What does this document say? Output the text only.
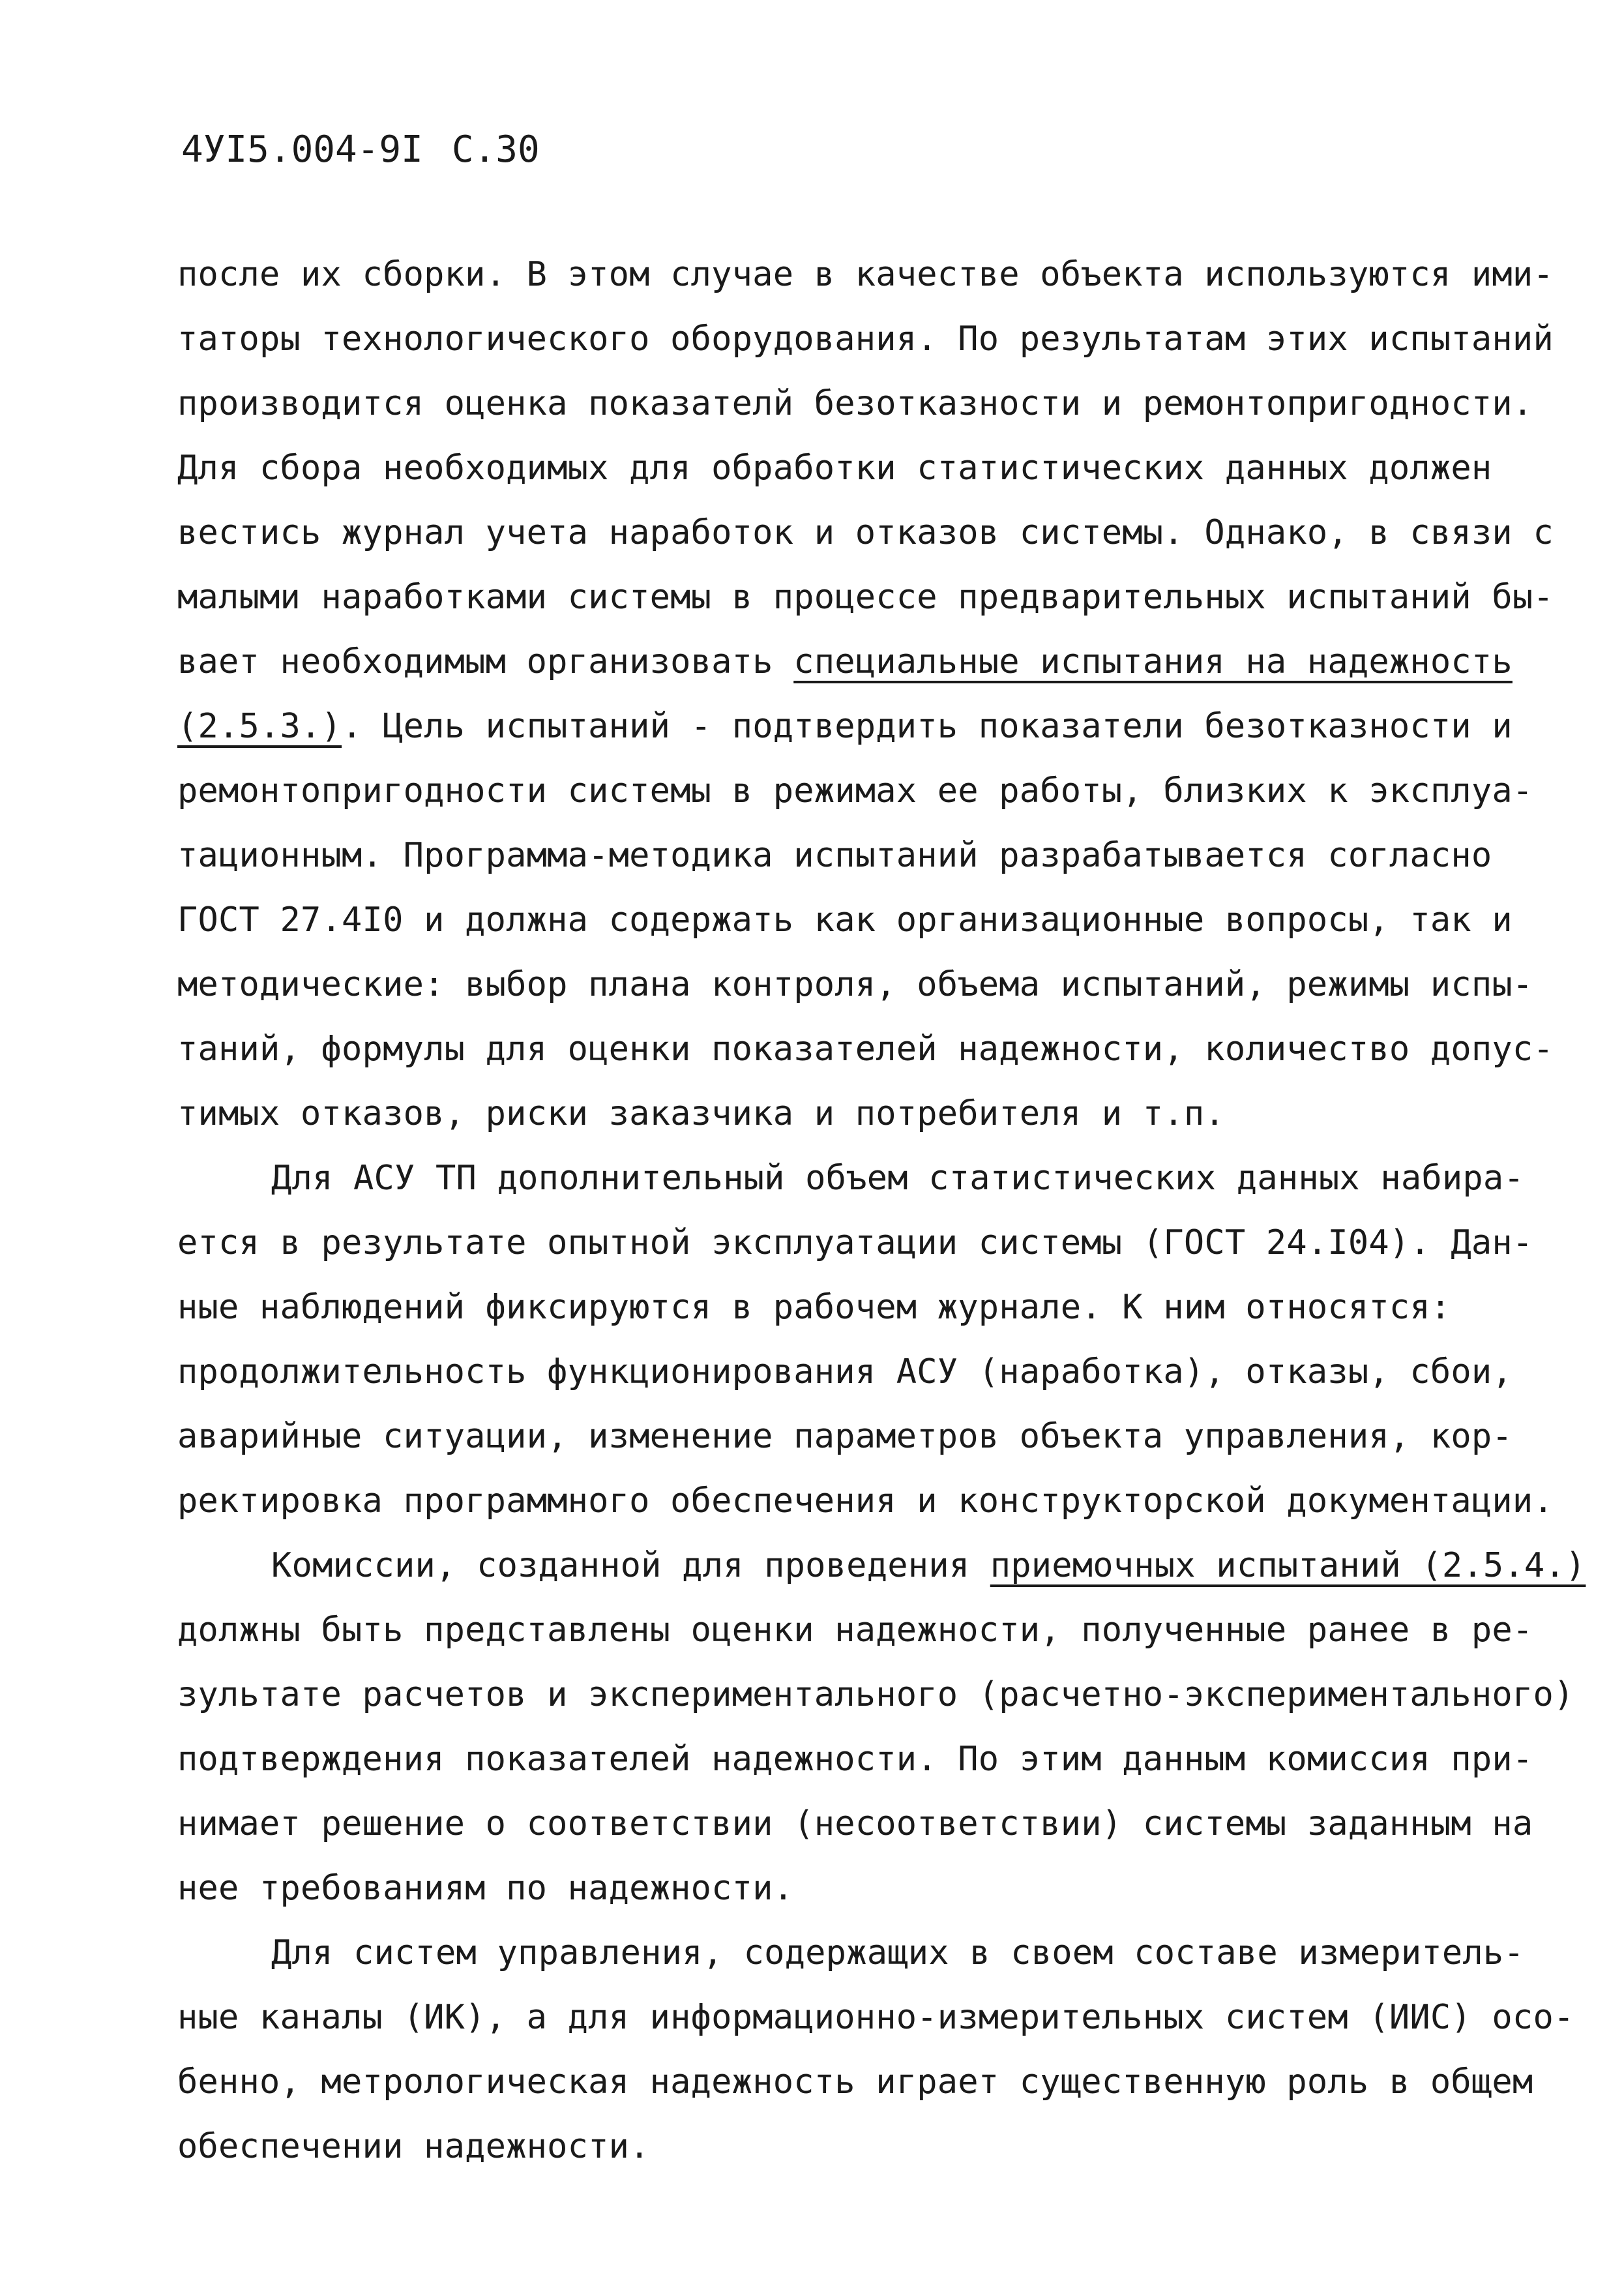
4УI5.004-9I С.30
после их сборки. В этом случае в качестве объекта используются ими-
таторы технологического оборудования. По результатам этих испытаний
производится оценка показателй безотказности и ремонтопригодности.
Для сбора необходимых для обработки статистических данных должен
вестись журнал учета наработок и отказов системы. Однако, в связи с
малыми наработками системы в процессе предварительных испытаний бы-
вает необходимым организовать специальные испытания на надежность
(2.5.3.). Цель испытаний - подтвердить показатели безотказности и
ремонтопригодности системы в режимах ее работы, близких к эксплуа-
тационным. Программа-методика испытаний разрабатывается согласно
ГОСТ 27.4I0 и должна содержать как организационные вопросы, так и
методические: выбор плана контроля, объема испытаний, режимы испы-
таний, формулы для оценки показателей надежности, количество допус-
тимых отказов, риски заказчика и потребителя и т.п.
Для АСУ ТП дополнительный объем статистических данных набира-
ется в результате опытной эксплуатации системы (ГОСТ 24.I04). Дан-
ные наблюдений фиксируются в рабочем журнале. К ним относятся:
продолжительность функционирования АСУ (наработка), отказы, сбои,
аварийные ситуации, изменение параметров объекта управления, кор-
ректировка программного обеспечения и конструкторской документации.
Комиссии, созданной для проведения приемочных испытаний (2.5.4.)
должны быть представлены оценки надежности, полученные ранее в ре-
зультате расчетов и экспериментального (расчетно-экспериментального)
подтверждения показателей надежности. По этим данным комиссия при-
нимает решение о соответствии (несоответствии) системы заданным на
нее требованиям по надежности.
Для систем управления, содержащих в своем составе измеритель-
ные каналы (ИК), а для информационно-измерительных систем (ИИС) осо-
бенно, метрологическая надежность играет существенную роль в общем
обеспечении надежности.
